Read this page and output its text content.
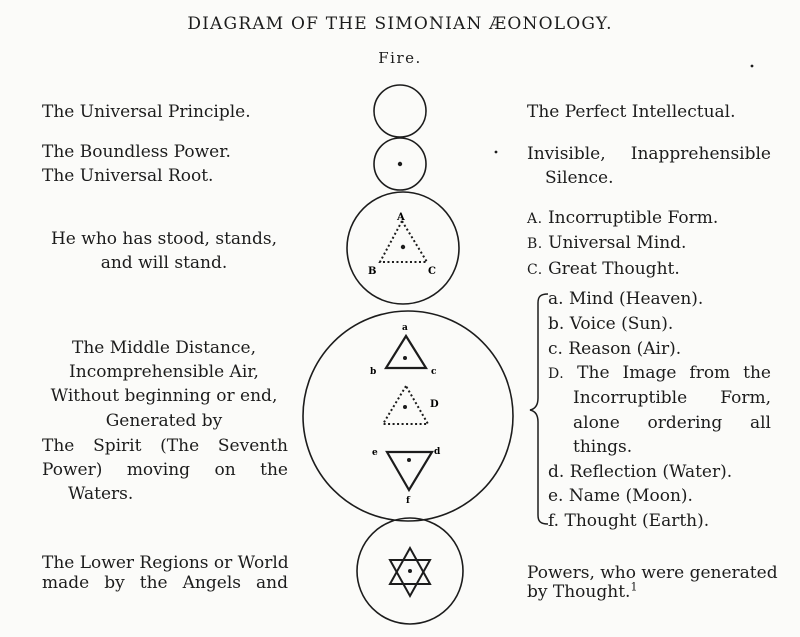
DIAGRAM OF THE SIMONIAN ÆONOLOGY.
Fire.
The Universal Principle.
The Boundless Power.
The Universal Root.
He who has stood, stands,
and will stand.
The Middle Distance,
Incomprehensible Air,
Without beginning or end,
Generated by
The Spirit (The Seventh
Power) moving on the
Waters.
The Lower Regions or World
made by the Angels and
The Perfect Intellectual.
Invisible, Inapprehensible
Silence.
A. Incorruptible Form.
B. Universal Mind.
C. Great Thought.
a. Mind (Heaven).
b. Voice (Sun).
c. Reason (Air).
D. The Image from the
Incorruptible Form,
alone ordering all
things.
d. Reflection (Water).
e. Name (Moon).
f. Thought (Earth).
Powers, who were generated
by Thought.$^1$
A
B	C
a
b	c
D
e	d
f
